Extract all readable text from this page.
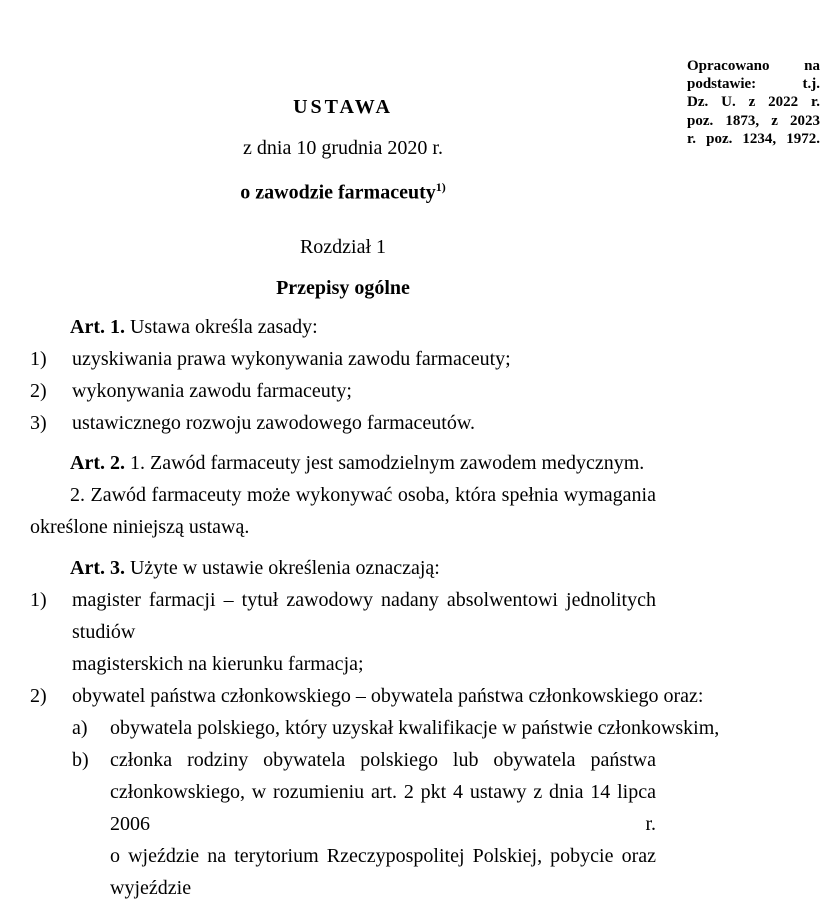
Opracowano na
podstawie: t.j.
Dz. U. z 2022 r.
poz. 1873, z 2023
r. poz. 1234, 1972.
USTAWA
z dnia 10 grudnia 2020 r.
o zawodzie farmaceuty$^{1)}$
Rozdział 1
Przepisy ogólne

Art. 1. Ustawa określa zasady:

1) uzyskiwania prawa wykonywania zawodu farmaceuty;
2) wykonywania zawodu farmaceuty;
3) ustawicznego rozwoju zawodowego farmaceutów.

Art. 2. 1. Zawód farmaceuty jest samodzielnym zawodem medycznym.

2. Zawód farmaceuty może wykonywać osoba, która spełnia wymagania
określone niniejszą ustawą.

Art. 3. Użyte w ustawie określenia oznaczają:

1) magister farmacji – tytuł zawodowy nadany absolwentowi jednolitych studiów
magisterskich na kierunku farmacja;
2) obywatel państwa członkowskiego – obywatela państwa członkowskiego oraz:
a) obywatela polskiego, który uzyskał kwalifikacje w państwie członkowskim,
b) członka rodziny obywatela polskiego lub obywatela państwa
członkowskiego, w rozumieniu art. 2 pkt 4 ustawy z dnia 14 lipca 2006 r.
o wjeździe na terytorium Rzeczypospolitej Polskiej, pobycie oraz wyjeździe
